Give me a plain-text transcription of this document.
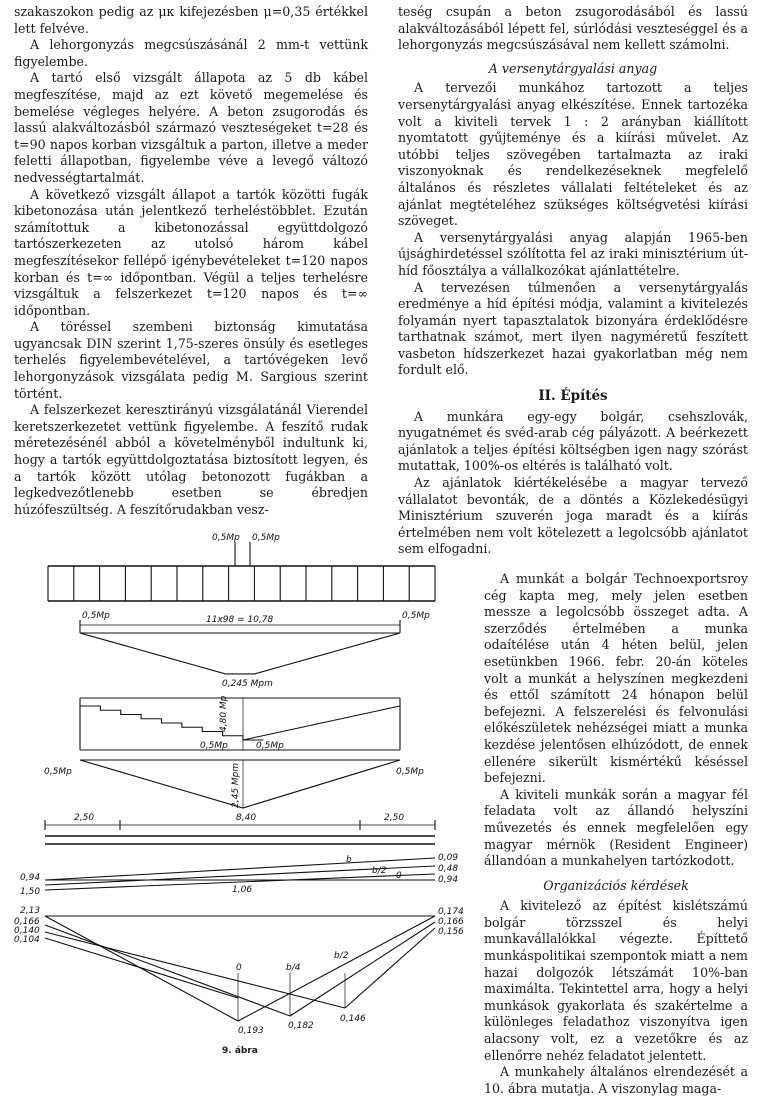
szakaszokon pedig az μκ kifejezésben μ=0,35 értékkel lett felvéve.

A lehorgonyzás megcsúszásánál 2 mm-t vettünk figyelembe.

A tartó első vizsgált állapota az 5 db kábel megfeszítése, majd az ezt követő megemelése és bemelése végleges helyére. A beton zsugorodás és lassú alakváltozásból származó veszteségeket t=28 és t=90 napos korban vizsgáltuk a parton, illetve a meder feletti állapotban, figyelembe véve a levegő változó nedvességtartalmát.

A következő vizsgált állapot a tartók közötti fugák kibetonozása után jelentkező terheléstöbblet. Ezután számítottuk a kibetonozással együttdolgozó tartószerkezeten az utolsó három kábel megfeszítésekor fellépő igénybevételeket t=120 napos korban és t=∞ időpontban. Végül a teljes terhelésre vizsgáltuk a felszerkezet t=120 napos és t=∞ időpontban.

A töréssel szembeni biztonság kimutatása ugyancsak DIN szerint 1,75-szeres önsúly és esetleges terhelés figyelembevételével, a tartóvégeken levő lehorgonyzások vizsgálata pedig M. Sargious szerint történt.

A felszerkezet keresztirányú vizsgálatánál Vierendel keretszerkezetet vettünk figyelembe. A feszítő rudak méretezésénél abból a követelményből indultunk ki, hogy a tartók együttdolgoztatása biztosított legyen, és a tartók között utólag betonozott fugákban a legkedvezőtlenebb esetben se ébredjen húzófeszültség. A feszítőrudakban vesz-

teség csupán a beton zsugorodásából és lassú alakváltozásából lépett fel, súrlódási veszteséggel és a lehorgonyzás megcsúszásával nem kellett számolni.

A versenytárgyalási anyag

A tervezői munkához tartozott a teljes versenytárgyalási anyag elkészítése. Ennek tartozéka volt a kiviteli tervek 1 : 2 arányban kiállított nyomtatott gyűjteménye és a kiírási művelet. Az utóbbi teljes szövegében tartalmazta az iraki viszonyoknak és rendelkezéseknek megfelelő általános és részletes vállalati feltételeket és az ajánlat megtételéhez szükséges költségvetési kiírási szöveget.

A versenytárgyalási anyag alapján 1965-ben újsághirdetéssel szólította fel az iraki minisztérium út-híd főosztálya a vállalkozókat ajánlattételre.

A tervezésen túlmenően a versenytárgyalás eredménye a híd építési módja, valamint a kivitelezés folyamán nyert tapasztalatok bizonyára érdeklődésre tarthatnak számot, mert ilyen nagyméretű feszített vasbeton hídszerkezet hazai gyakorlatban még nem fordult elő.

II. Építés

A munkára egy-egy bolgár, csehszlovák, nyugatnémet és svéd-arab cég pályázott. A beérkezett ajánlatok a teljes építési költségben igen nagy szórást mutattak, 100%-os eltérés is található volt.

Az ajánlatok kiértékelésébe a magyar tervező vállalatot bevonták, de a döntés a Közlekedésügyi Minisztérium szuverén joga maradt és a kiírás értelmében nem volt kötelezett a legolcsóbb ajánlatot sem elfogadni.

A munkát a bolgár Technoexportsroy cég kapta meg, mely jelen esetben messze a legolcsóbb összeget adta. A szerződés értelmében a munka odaítélése után 4 héten belül, jelen esetünkben 1966. febr. 20-án köteles volt a munkát a helyszínen megkezdeni és ettől számított 24 hónapon belül befejezni. A felszerelési és felvonulási előkészületek nehézségei miatt a munka kezdése jelentősen elhúzódott, de ennek ellenére sikerült kismértékű késéssel befejezni.

A kiviteli munkák során a magyar fél feladata volt az állandó helyszíni művezetés és ennek megfelelően egy magyar mérnök (Resident Engineer) állandóan a munkahelyen tartózkodott.

Organizációs kérdések

A kivitelező az építést kislétszámú bolgár törzsszel és helyi munkavállalókkal végezte. Építtető munkáspolitikai szempontok miatt a nem hazai dolgozók létszámát 10%-ban maximálta. Tekintettel arra, hogy a helyi munkások gyakorlata és szakértelme a különleges feladathoz viszonyítva igen alacsony volt, ez a vezetőkre és az ellenőrre nehéz feladatot jelentett.

A munkahely általános elrendezését a 10. ábra mutatja. A viszonylag maga-

0,5Mp 0,5Mp
0,5Mp	0,5Mp
11x98 = 10,78
0,245 Mpm
4,80 Mp
0,5Mp	0,5Mp
0,5Mp	0,5Mp
2,45 Mpm
2,50	8,40	2,50
0,09
0,48
0,94
0,94
1,50
2,13
0,166
0,140
0,104
b
b/2 0
1,06
0,174
0,166
0,156
0	b/4
b/2
0,193	0,182
0,146
9. ábra
